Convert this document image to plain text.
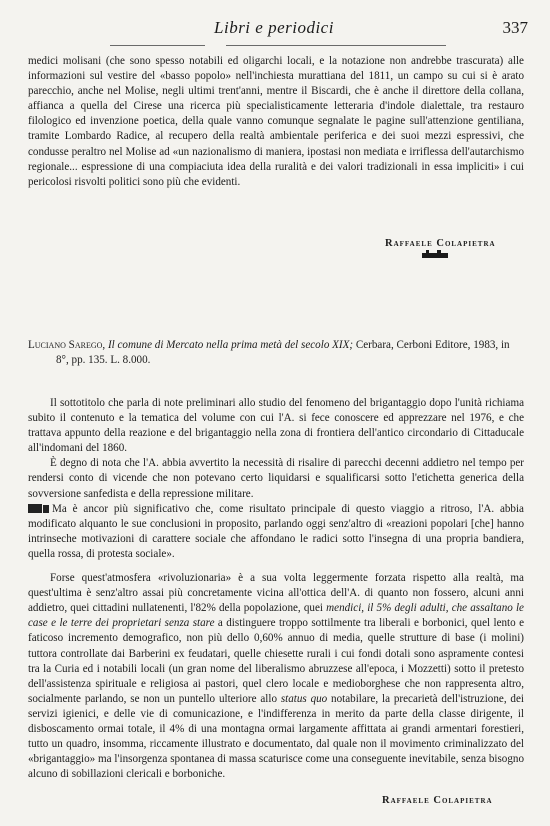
Libri e periodici	337

medici molisani (che sono spesso notabili ed oligarchi locali, e la notazione non andrebbe trascurata) alle informazioni sul vestire del «basso popolo» nell'inchiesta murattiana del 1811, un campo su cui si è arato parecchio, anche nel Molise, negli ultimi trent'anni, mentre il Biscardi, che è anche il direttore della collana, affianca a quella del Cirese una ricerca più specialisticamente letteraria d'indole dialettale, tra restauro filologico ed invenzione poetica, della quale vanno comunque segnalate le pagine sull'attenzione gentiliana, tramite Lombardo Radice, al recupero della realtà ambientale periferica e dei suoi mezzi espressivi, che condusse peraltro nel Molise ad «un nazionalismo di maniera, ipostasi non mediata e irriflessa dell'autarchismo regionale... espressione di una compiaciuta idea della ruralità e dei valori tradizionali in essa impliciti» i cui pericolosi risvolti politici sono più che evidenti.

Raffaele Colapietra

Luciano Sarego, Il comune di Mercato nella prima metà del secolo XIX; Cerbara, Cerboni Editore, 1983, in 8°, pp. 135. L. 8.000.

Il sottotitolo che parla di note preliminari allo studio del fenomeno del brigantaggio dopo l'unità richiama subito il contenuto e la tematica del volume con cui l'A. si fece conoscere ed apprezzare nel 1976, e che trattava appunto della reazione e del brigantaggio nella zona di frontiera dell'antico circondario di Cittaducale all'indomani del 1860.

È degno di nota che l'A. abbia avvertito la necessità di risalire di parecchi decenni addietro nel tempo per rendersi conto di vicende che non potevano certo liquidarsi e squalificarsi sotto l'etichetta generica della sovversione sanfedista e della repressione militare.

Ma è ancor più significativo che, come risultato principale di questo viaggio a ritroso, l'A. abbia modificato alquanto le sue conclusioni in proposito, parlando oggi senz'altro di «reazioni popolari [che] hanno intrinseche motivazioni di carattere sociale che affondano le radici sotto l'insegna di una propria bandiera, quella rossa, di protesta sociale».

Forse quest'atmosfera «rivoluzionaria» è a sua volta leggermente forzata rispetto alla realtà, ma quest'ultima è senz'altro assai più concretamente vicina all'ottica dell'A. di quanto non fossero, alcuni anni addietro, quei cittadini nullatenenti, l'82% della popolazione, quei mendici, il 5% degli adulti, che assaltano le case e le terre dei proprietari senza stare a distinguere troppo sottilmente tra liberali e borbonici, quel lento e faticoso incremento demografico, non più dello 0,60% annuo di media, quelle strutture di base (i molini) tuttora controllate dai Barberini ex feudatari, quelle chiesette rurali i cui fondi dotali sono aspramente contesi tra la Curia ed i notabili locali (un gran nome del liberalismo abruzzese all'epoca, i Mozzetti) sotto il pretesto dell'assistenza spirituale e religiosa ai pastori, quel clero locale e medioborghese che non rappresenta altro, socialmente parlando, se non un puntello ulteriore allo status quo notabilare, la precarietà dell'istruzione, dei servizi igienici, e delle vie di comunicazione, e l'indifferenza in merito da parte della classe dirigente, il disboscamento ormai totale, il 4% di una montagna ormai largamente affittata ai grandi armentari forestieri, tutto un quadro, insomma, riccamente illustrato e documentato, dal quale non il movimento criminalizzato del «brigantaggio» ma l'insorgenza spontanea di massa scaturisce come una conseguente inevitabile, senza bisogno alcuno di sobillazioni clericali e borboniche.

Raffaele Colapietra
